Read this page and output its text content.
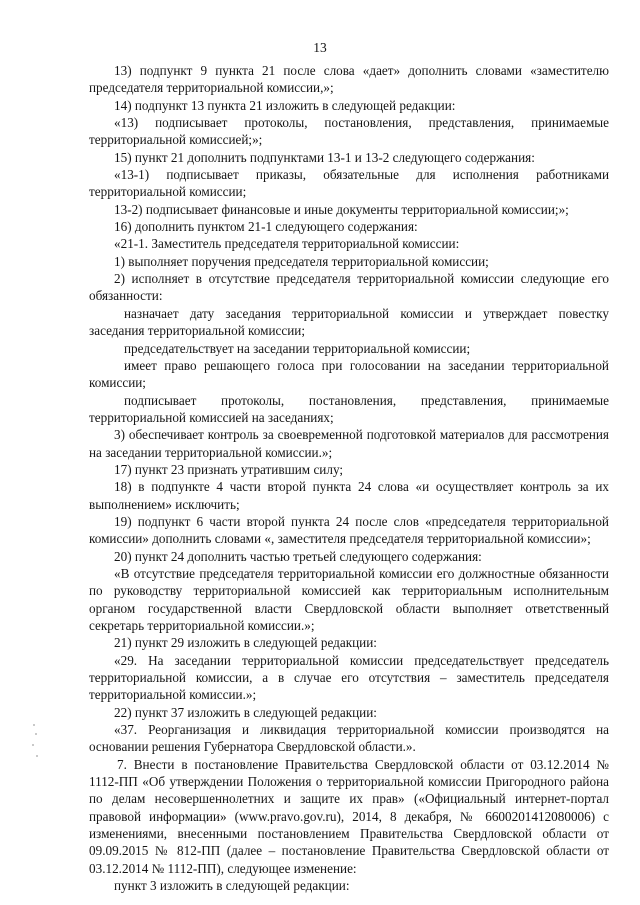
13

13) подпункт 9 пункта 21 после слова «дает» дополнить словами «заместителю председателя территориальной комиссии,»;

14) подпункт 13 пункта 21 изложить в следующей редакции:

«13) подписывает протоколы, постановления, представления, принимаемые территориальной комиссией;»;

15) пункт 21 дополнить подпунктами 13-1 и 13-2 следующего содержания:

«13-1) подписывает приказы, обязательные для исполнения работниками территориальной комиссии;

13-2) подписывает финансовые и иные документы территориальной комиссии;»;

16) дополнить пунктом 21-1 следующего содержания:

«21-1. Заместитель председателя территориальной комиссии:

1) выполняет поручения председателя территориальной комиссии;

2) исполняет в отсутствие председателя территориальной комиссии следующие его обязанности:

назначает дату заседания территориальной комиссии и утверждает повестку заседания территориальной комиссии;

председательствует на заседании территориальной комиссии;

имеет право решающего голоса при голосовании на заседании территориальной комиссии;

подписывает протоколы, постановления, представления, принимаемые территориальной комиссией на заседаниях;

3) обеспечивает контроль за своевременной подготовкой материалов для рассмотрения на заседании территориальной комиссии.»;

17) пункт 23 признать утратившим силу;

18) в подпункте 4 части второй пункта 24 слова «и осуществляет контроль за их выполнением» исключить;

19) подпункт 6 части второй пункта 24 после слов «председателя территориальной комиссии» дополнить словами «, заместителя председателя территориальной комиссии»;

20) пункт 24 дополнить частью третьей следующего содержания:

«В отсутствие председателя территориальной комиссии его должностные обязанности по руководству территориальной комиссией как территориальным исполнительным органом государственной власти Свердловской области выполняет ответственный секретарь территориальной комиссии.»;

21) пункт 29 изложить в следующей редакции:

«29. На заседании территориальной комиссии председательствует председатель территориальной комиссии, а в случае его отсутствия – заместитель председателя территориальной комиссии.»;

22) пункт 37 изложить в следующей редакции:

«37. Реорганизация и ликвидация территориальной комиссии производятся на основании решения Губернатора Свердловской области.».

7. Внести в постановление Правительства Свердловской области от 03.12.2014 № 1112-ПП «Об утверждении Положения о территориальной комиссии Пригородного района по делам несовершеннолетних и защите их прав» («Официальный интернет-портал правовой информации» (www.pravo.gov.ru), 2014, 8 декабря, № 6600201412080006) с изменениями, внесенными постановлением Правительства Свердловской области от 09.09.2015 № 812-ПП (далее – постановление Правительства Свердловской области от 03.12.2014 № 1112-ПП), следующее изменение:

пункт 3 изложить в следующей редакции:
